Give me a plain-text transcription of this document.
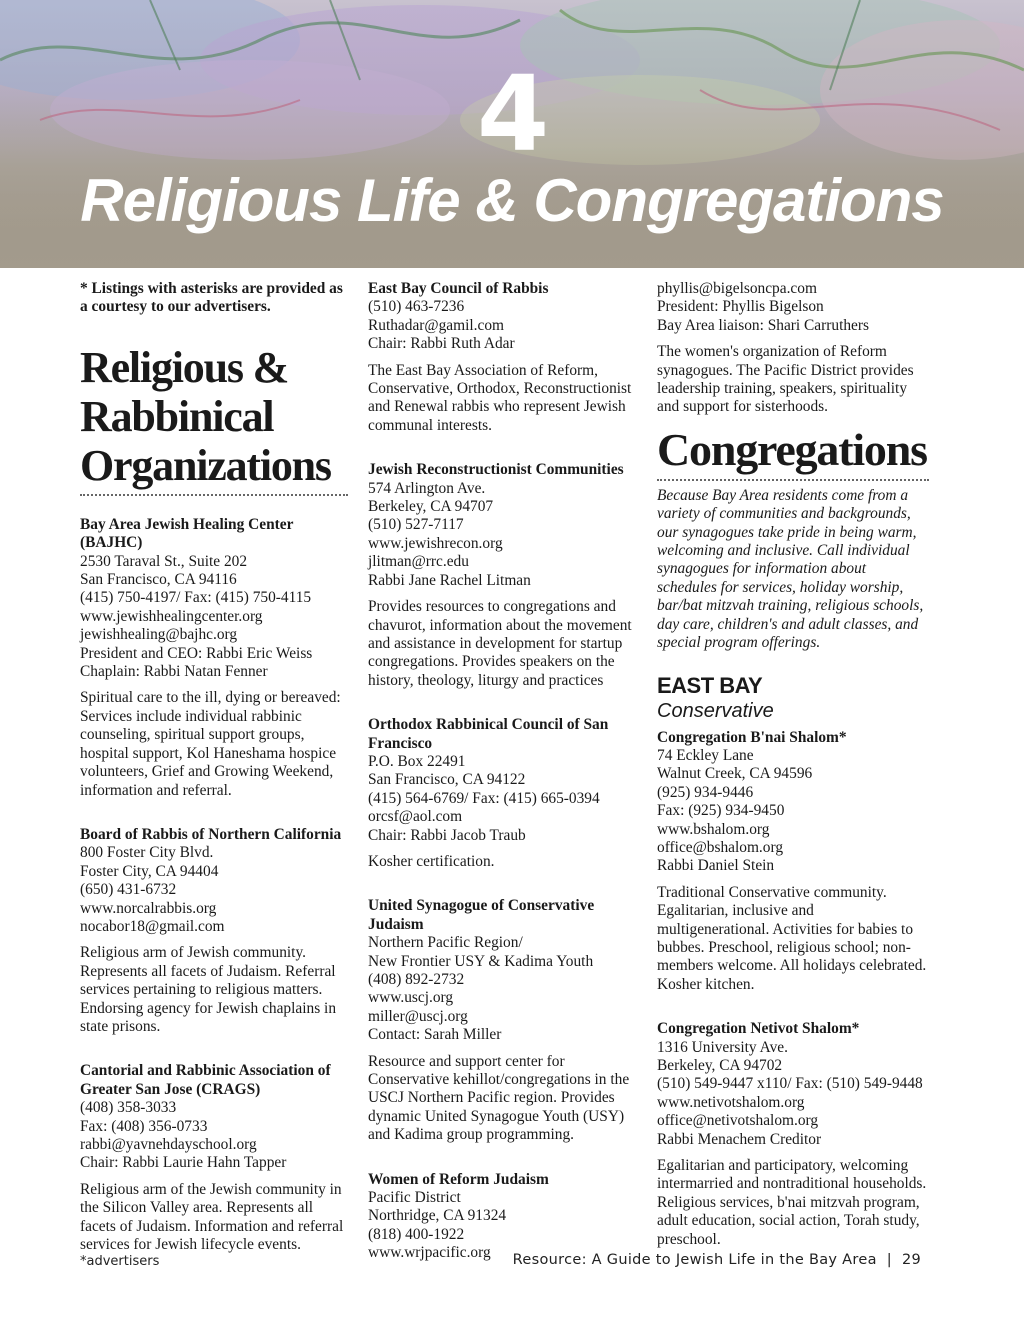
4
Religious Life & Congregations
* Listings with asterisks are provided as a courtesy to our advertisers.
Religious & Rabbinical Organizations
Bay Area Jewish Healing Center (BAJHC)
2530 Taraval St., Suite 202
San Francisco, CA 94116
(415) 750-4197/ Fax: (415) 750-4115
www.jewishhealingcenter.org
jewishhealing@bajhc.org
President and CEO: Rabbi Eric Weiss
Chaplain: Rabbi Natan Fenner
Spiritual care to the ill, dying or bereaved: Services include individual rabbinic counseling, spiritual support groups, hospital support, Kol Haneshama hospice volunteers, Grief and Growing Weekend, information and referral.
Board of Rabbis of Northern California
800 Foster City Blvd.
Foster City, CA 94404
(650) 431-6732
www.norcalrabbis.org
nocabor18@gmail.com
Religious arm of Jewish community. Represents all facets of Judaism. Referral services pertaining to religious matters. Endorsing agency for Jewish chaplains in state prisons.
Cantorial and Rabbinic Association of Greater San Jose (CRAGS)
(408) 358-3033
Fax: (408) 356-0733
rabbi@yavnehdayschool.org
Chair: Rabbi Laurie Hahn Tapper
Religious arm of the Jewish community in the Silicon Valley area. Represents all facets of Judaism. Information and referral services for Jewish lifecycle events.
East Bay Council of Rabbis
(510) 463-7236
Ruthadar@gamil.com
Chair: Rabbi Ruth Adar
The East Bay Association of Reform, Conservative, Orthodox, Reconstructionist and Renewal rabbis who represent Jewish communal interests.
Jewish Reconstructionist Communities
574 Arlington Ave.
Berkeley, CA 94707
(510) 527-7117
www.jewishrecon.org
jlitman@rrc.edu
Rabbi Jane Rachel Litman
Provides resources to congregations and chavurot, information about the movement and assistance in development for startup congregations. Provides speakers on the history, theology, liturgy and practices
Orthodox Rabbinical Council of San Francisco
P.O. Box 22491
San Francisco, CA 94122
(415) 564-6769/ Fax: (415) 665-0394
orcsf@aol.com
Chair: Rabbi Jacob Traub
Kosher certification.
United Synagogue of Conservative Judaism
Northern Pacific Region/
New Frontier USY & Kadima Youth
(408) 892-2732
www.uscj.org
miller@uscj.org
Contact: Sarah Miller
Resource and support center for Conservative kehillot/congregations in the USCJ Northern Pacific region. Provides dynamic United Synagogue Youth (USY) and Kadima group programming.
Women of Reform Judaism
Pacific District
Northridge, CA 91324
(818) 400-1922
www.wrjpacific.org
phyllis@bigelsoncpa.com
President: Phyllis Bigelson
Bay Area liaison: Shari Carruthers
The women's organization of Reform synagogues. The Pacific District provides leadership training, speakers, spirituality and support for sisterhoods.
Congregations
Because Bay Area residents come from a variety of communities and backgrounds, our synagogues take pride in being warm, welcoming and inclusive. Call individual synagogues for information about schedules for services, holiday worship, bar/bat mitzvah training, religious schools, day care, children's and adult classes, and special program offerings.
EAST BAY
Conservative
Congregation B'nai Shalom*
74 Eckley Lane
Walnut Creek, CA 94596
(925) 934-9446
Fax: (925) 934-9450
www.bshalom.org
office@bshalom.org
Rabbi Daniel Stein
Traditional Conservative community. Egalitarian, inclusive and multigenerational. Activities for babies to bubbes. Preschool, religious school; non-members welcome. All holidays celebrated. Kosher kitchen.
Congregation Netivot Shalom*
1316 University Ave.
Berkeley, CA 94702
(510) 549-9447 x110/ Fax: (510) 549-9448
www.netivotshalom.org
office@netivotshalom.org
Rabbi Menachem Creditor
Egalitarian and participatory, welcoming intermarried and nontraditional households. Religious services, b'nai mitzvah program, adult education, social action, Torah study, preschool.
*advertisers	Resource: A Guide to Jewish Life in the Bay Area | 29
